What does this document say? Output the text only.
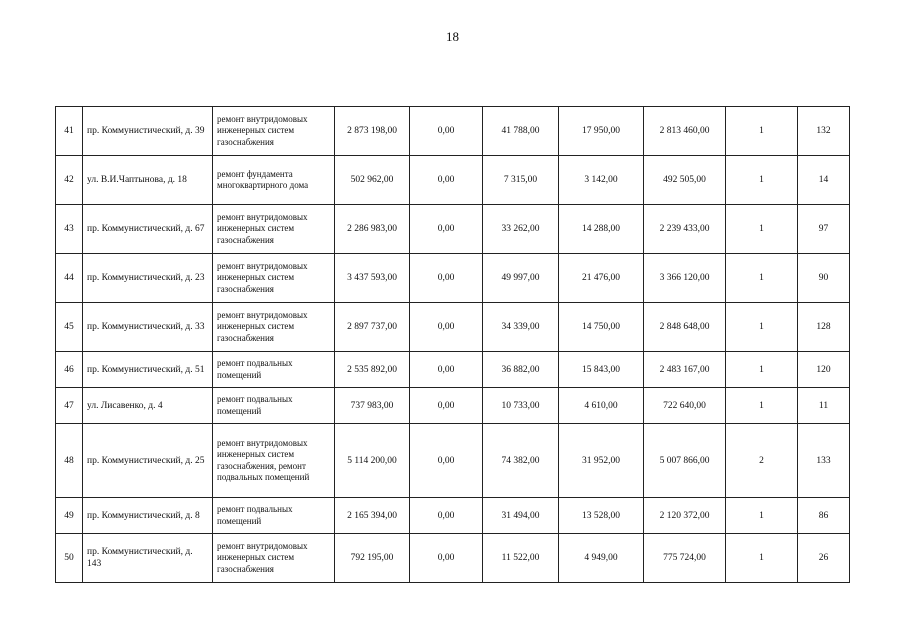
18
41	пр. Коммунистический, д. 39	ремонт внутридомовых инженерных систем газоснабжения	2 873 198,00	0,00	41 788,00	17 950,00	2 813 460,00	1	132
42	ул. В.И.Чаптынова, д. 18	ремонт фундамента многоквартирного дома	502 962,00	0,00	7 315,00	3 142,00	492 505,00	1	14
43	пр. Коммунистический, д. 67	ремонт внутридомовых инженерных систем газоснабжения	2 286 983,00	0,00	33 262,00	14 288,00	2 239 433,00	1	97
44	пр. Коммунистический, д. 23	ремонт внутридомовых инженерных систем газоснабжения	3 437 593,00	0,00	49 997,00	21 476,00	3 366 120,00	1	90
45	пр. Коммунистический, д. 33	ремонт внутридомовых инженерных систем газоснабжения	2 897 737,00	0,00	34 339,00	14 750,00	2 848 648,00	1	128
46	пр. Коммунистический, д. 51	ремонт подвальных помещений	2 535 892,00	0,00	36 882,00	15 843,00	2 483 167,00	1	120
47	ул. Лисавенко, д. 4	ремонт подвальных помещений	737 983,00	0,00	10 733,00	4 610,00	722 640,00	1	11
48	пр. Коммунистический, д. 25	ремонт внутридомовых инженерных систем газоснабжения, ремонт подвальных помещений	5 114 200,00	0,00	74 382,00	31 952,00	5 007 866,00	2	133
49	пр. Коммунистический, д. 8	ремонт подвальных помещений	2 165 394,00	0,00	31 494,00	13 528,00	2 120 372,00	1	86
50	пр. Коммунистический, д. 143	ремонт внутридомовых инженерных систем газоснабжения	792 195,00	0,00	11 522,00	4 949,00	775 724,00	1	26
